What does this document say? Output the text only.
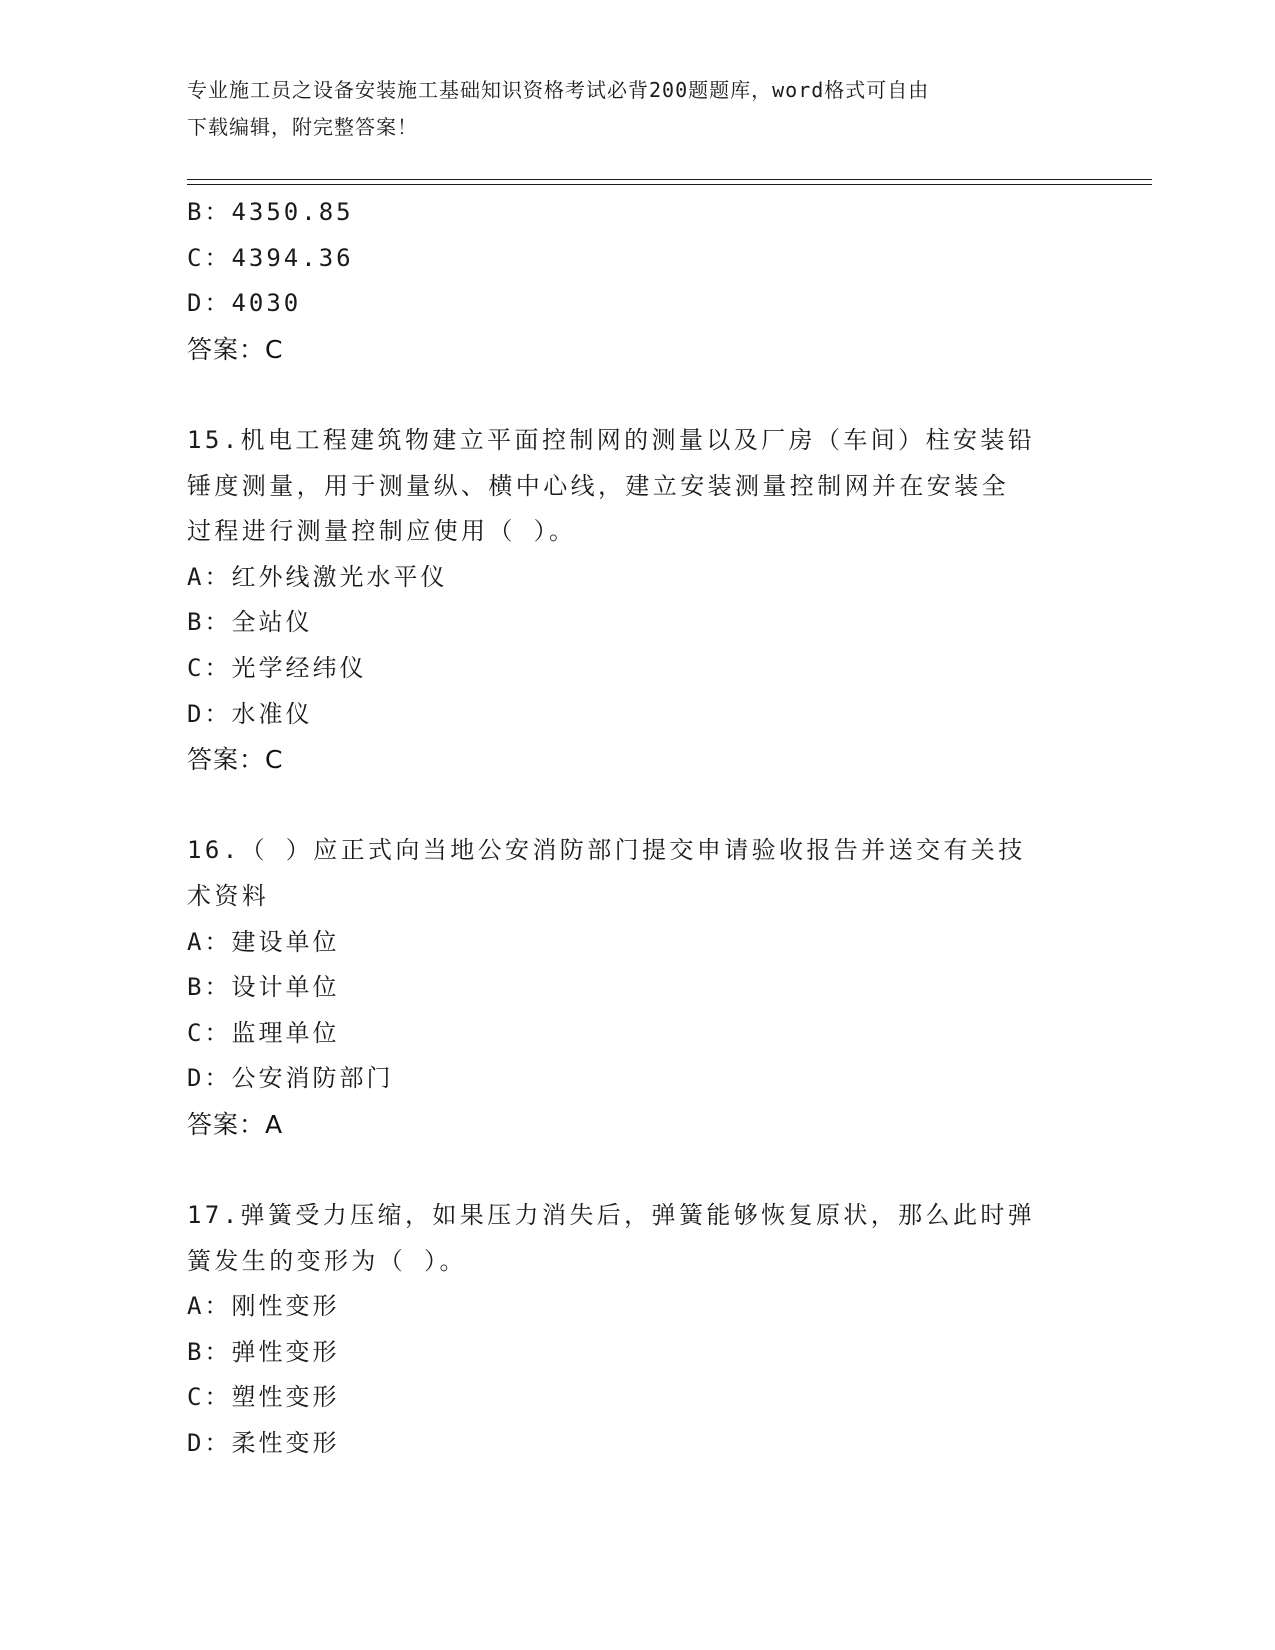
专业施工员之设备安装施工基础知识资格考试必背200题题库，word格式可自由
下载编辑，附完整答案！
B：4350.85
C：4394.36
D：4030
答案：C
15.机电工程建筑物建立平面控制网的测量以及厂房（车间）柱安装铅
锤度测量，用于测量纵、横中心线，建立安装测量控制网并在安装全
过程进行测量控制应使用（ ）。
A：红外线激光水平仪
B：全站仪
C：光学经纬仪
D：水准仪
答案：C
16.（ ）应正式向当地公安消防部门提交申请验收报告并送交有关技
术资料
A：建设单位
B：设计单位
C：监理单位
D：公安消防部门
答案：A
17.弹簧受力压缩，如果压力消失后，弹簧能够恢复原状，那么此时弹
簧发生的变形为（ ）。
A：刚性变形
B：弹性变形
C：塑性变形
D：柔性变形
